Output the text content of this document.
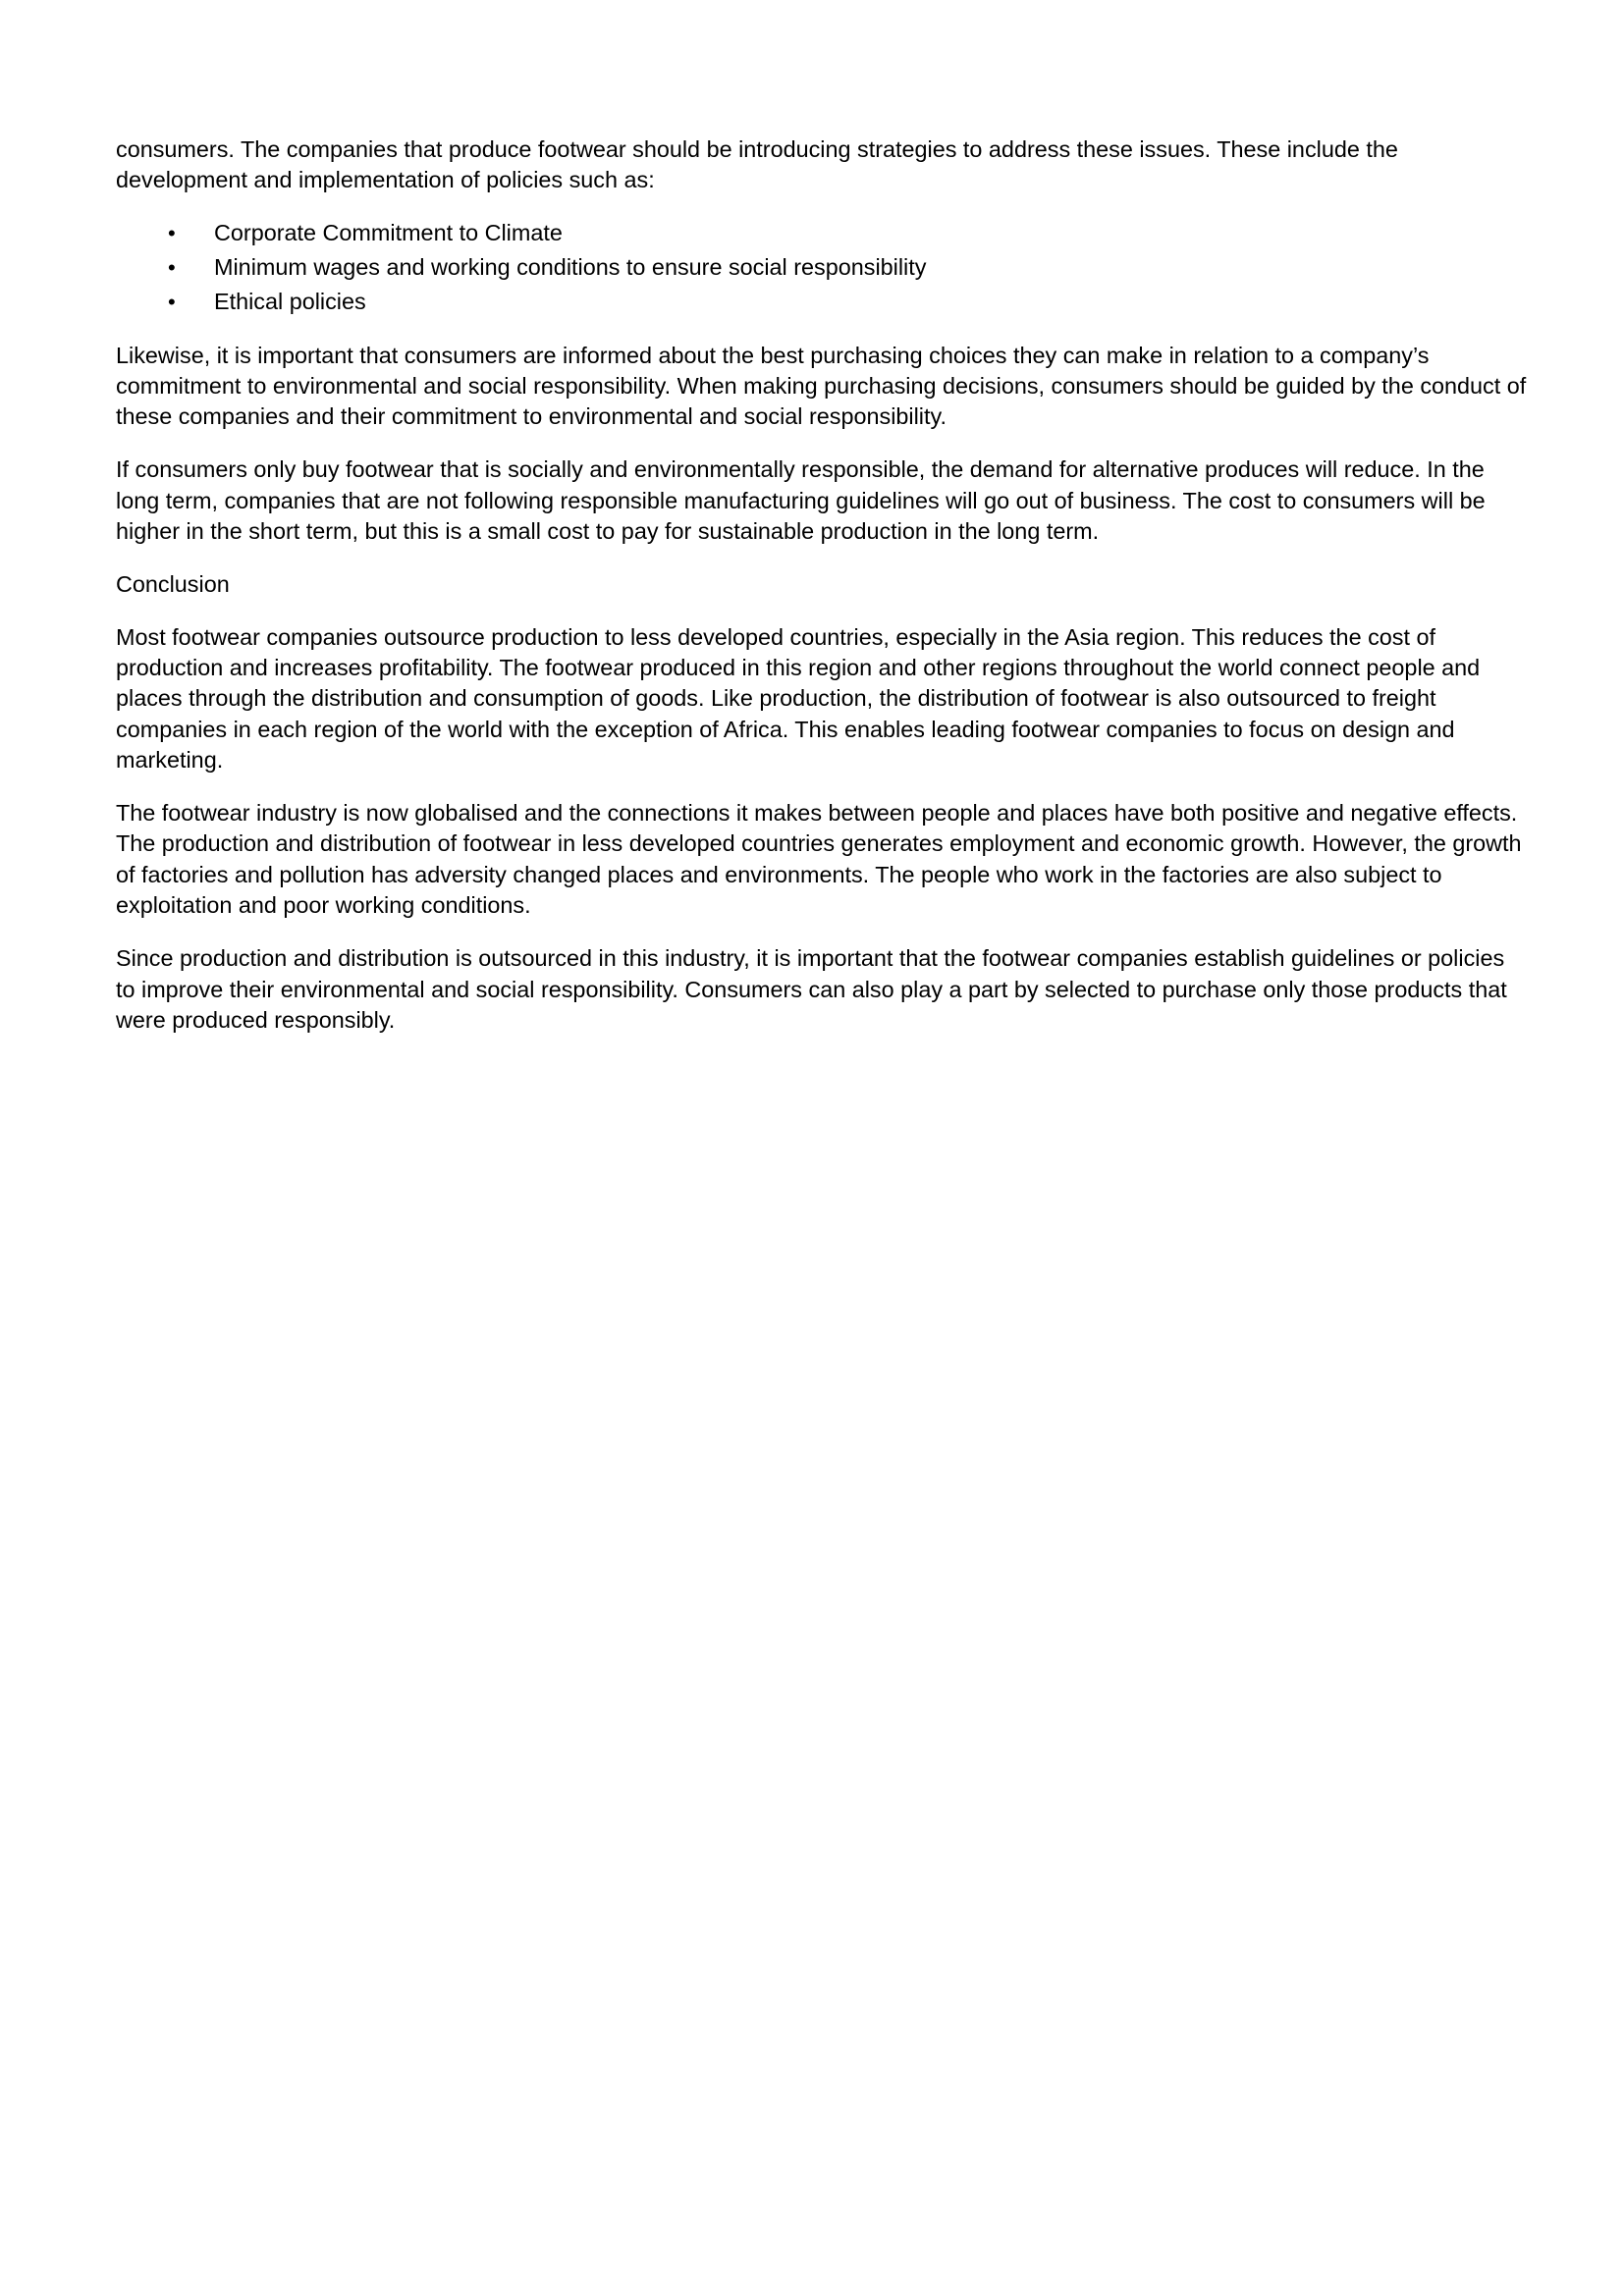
consumers. The companies that produce footwear should be introducing strategies to address these issues. These include the development and implementation of policies such as:

• Corporate Commitment to Climate
• Minimum wages and working conditions to ensure social responsibility
• Ethical policies

Likewise, it is important that consumers are informed about the best purchasing choices they can make in relation to a company’s commitment to environmental and social responsibility. When making purchasing decisions, consumers should be guided by the conduct of these companies and their commitment to environmental and social responsibility.

If consumers only buy footwear that is socially and environmentally responsible, the demand for alternative produces will reduce. In the long term, companies that are not following responsible manufacturing guidelines will go out of business. The cost to consumers will be higher in the short term, but this is a small cost to pay for sustainable production in the long term.

Conclusion

Most footwear companies outsource production to less developed countries, especially in the Asia region. This reduces the cost of production and increases profitability. The footwear produced in this region and other regions throughout the world connect people and places through the distribution and consumption of goods. Like production, the distribution of footwear is also outsourced to freight companies in each region of the world with the exception of Africa. This enables leading footwear companies to focus on design and marketing.

The footwear industry is now globalised and the connections it makes between people and places have both positive and negative effects. The production and distribution of footwear in less developed countries generates employment and economic growth. However, the growth of factories and pollution has adversity changed places and environments. The people who work in the factories are also subject to exploitation and poor working conditions.

Since production and distribution is outsourced in this industry, it is important that the footwear companies establish guidelines or policies to improve their environmental and social responsibility. Consumers can also play a part by selected to purchase only those products that were produced responsibly.
